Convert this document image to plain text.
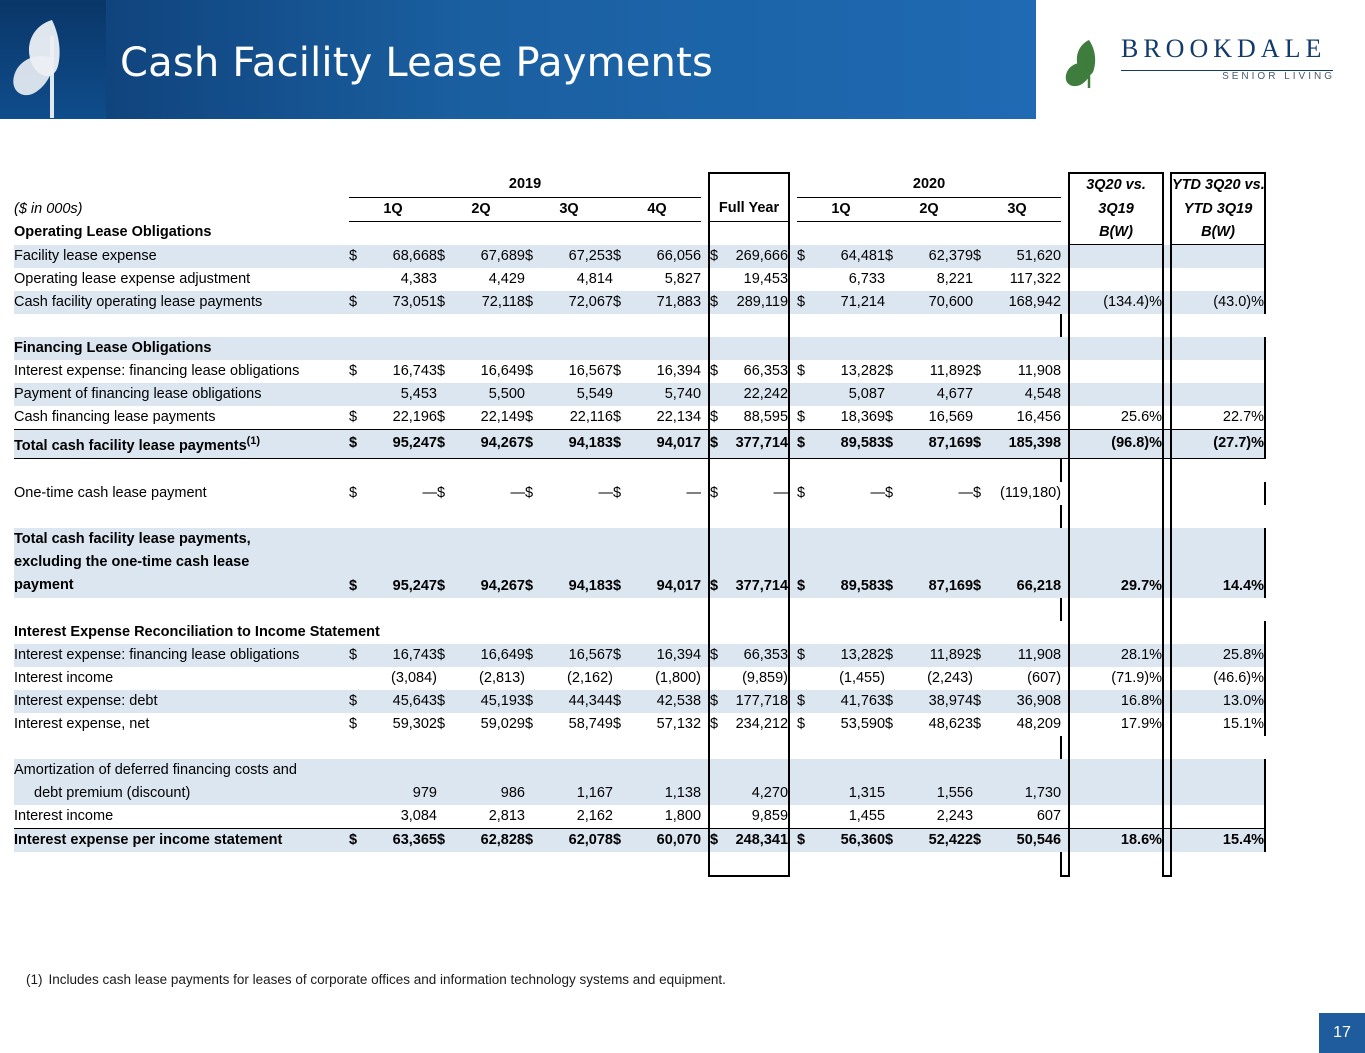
Cash Facility Lease Payments	BROOKDALE
SENIOR LIVING
	2019												2020							3Q20 vs.		YTD 3Q20 vs.
($ in 000s)	1Q		2Q		3Q		4Q			Full Year			1Q		2Q		3Q			3Q19		YTD 3Q19
Operating Lease Obligations																				B(W)		B(W)
Facility lease expense	$	68,668	$	67,689	$	67,253	$	66,056		$	269,666		$	64,481	$	62,379	$	51,620				
Operating lease expense adjustment		4,383		4,429		4,814		5,827			19,453			6,733		8,221		117,322				
Cash facility operating lease payments	$	73,051	$	72,118	$	72,067	$	71,883		$	289,119		$	71,214		70,600		168,942		(134.4)%		(43.0)%

Financing Lease Obligations																						
Interest expense: financing lease obligations	$	16,743	$	16,649	$	16,567	$	16,394		$	66,353		$	13,282	$	11,892	$	11,908				
Payment of financing lease obligations		5,453		5,500		5,549		5,740			22,242			5,087		4,677		4,548				
Cash financing lease payments	$	22,196	$	22,149	$	22,116	$	22,134		$	88,595		$	18,369	$	16,569		16,456		25.6%		22.7%
Total cash facility lease payments$^{(1)}$	$	95,247	$	94,267	$	94,183	$	94,017		$	377,714		$	89,583	$	87,169	$	185,398		(96.8)%		(27.7)%

One-time cash lease payment	$	—	$	—	$	—	$	—		$	—		$	—	$	—	$	(119,180)				

Total cash facility lease payments,
excluding the one-time cash lease
payment	$	95,247	$	94,267	$	94,183	$	94,017		$	377,714		$	89,583	$	87,169	$	66,218		29.7%		14.4%

Interest Expense Reconciliation to Income Statement																						
Interest expense: financing lease obligations	$	16,743	$	16,649	$	16,567	$	16,394		$	66,353		$	13,282	$	11,892	$	11,908		28.1%		25.8%
Interest income		(3,084)		(2,813)		(2,162)		(1,800)			(9,859)			(1,455)		(2,243)		(607)		(71.9)%		(46.6)%
Interest expense: debt	$	45,643	$	45,193	$	44,344	$	42,538		$	177,718		$	41,763	$	38,974	$	36,908		16.8%		13.0%
Interest expense, net	$	59,302	$	59,029	$	58,749	$	57,132		$	234,212		$	53,590	$	48,623	$	48,209		17.9%		15.1%

Amortization of deferred financing costs and
debt premium (discount)		979		986		1,167		1,138			4,270			1,315		1,556		1,730				
Interest income		3,084		2,813		2,162		1,800			9,859			1,455		2,243		607				
Interest expense per income statement	$	63,365	$	62,828	$	62,078	$	60,070		$	248,341		$	56,360	$	52,422	$	50,546		18.6%		15.4%

(1) Includes cash lease payments for leases of corporate offices and information technology systems and equipment.
17
